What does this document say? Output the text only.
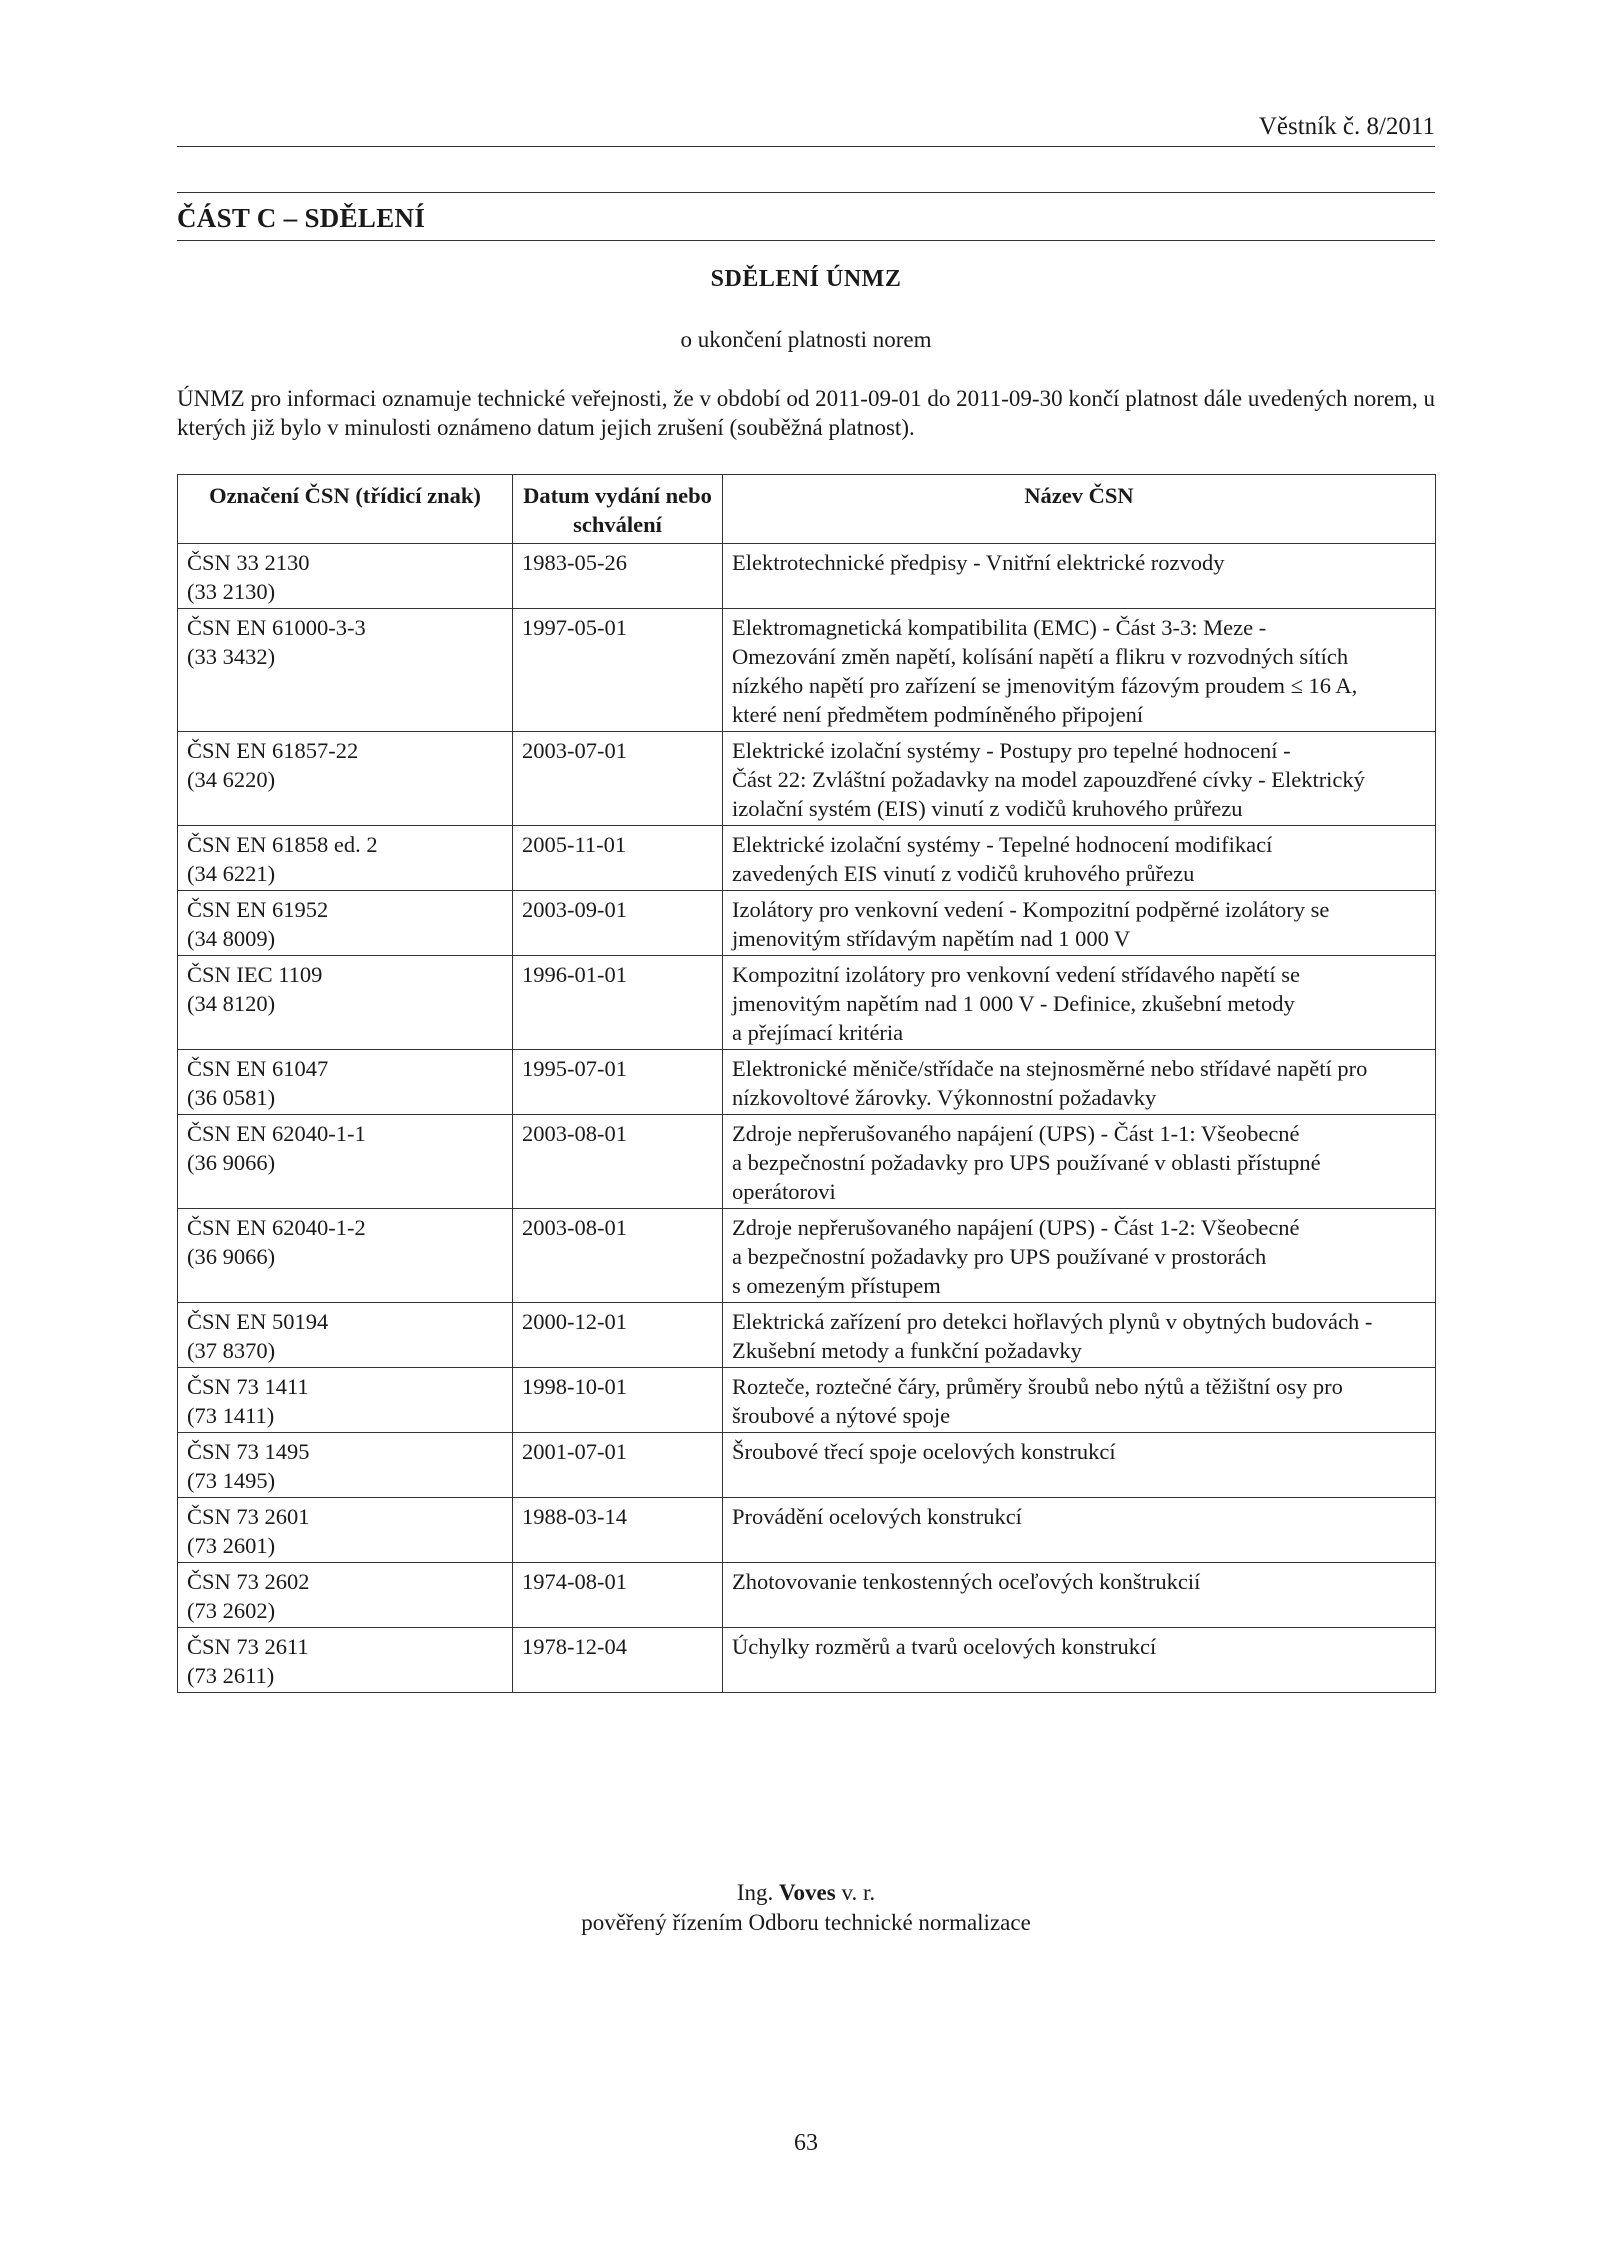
Věstník č. 8/2011
ČÁST C – SDĚLENÍ
SDĚLENÍ ÚNMZ
o ukončení platnosti norem
ÚNMZ pro informaci oznamuje technické veřejnosti, že v období od 2011-09-01 do 2011-09-30 končí platnost dále uvedených norem, u kterých již bylo v minulosti oznámeno datum jejich zrušení (souběžná platnost).
Označení ČSN (třídicí znak)	Datum vydání nebo schválení	Název ČSN

ČSN 33 2130
(33 2130)	1983-05-26	Elektrotechnické předpisy - Vnitřní elektrické rozvody

ČSN EN 61000-3-3
(33 3432)	1997-05-01	Elektromagnetická kompatibilita (EMC) - Část 3-3: Meze -
Omezování změn napětí, kolísání napětí a flikru v rozvodných sítích
nízkého napětí pro zařízení se jmenovitým fázovým proudem ≤ 16 A,
které není předmětem podmíněného připojení

ČSN EN 61857-22
(34 6220)	2003-07-01	Elektrické izolační systémy - Postupy pro tepelné hodnocení -
Část 22: Zvláštní požadavky na model zapouzdřené cívky - Elektrický
izolační systém (EIS) vinutí z vodičů kruhového průřezu

ČSN EN 61858 ed. 2
(34 6221)	2005-11-01	Elektrické izolační systémy - Tepelné hodnocení modifikací
zavedených EIS vinutí z vodičů kruhového průřezu

ČSN EN 61952
(34 8009)	2003-09-01	Izolátory pro venkovní vedení - Kompozitní podpěrné izolátory se
jmenovitým střídavým napětím nad 1 000 V

ČSN IEC 1109
(34 8120)	1996-01-01	Kompozitní izolátory pro venkovní vedení střídavého napětí se
jmenovitým napětím nad 1 000 V - Definice, zkušební metody
a přejímací kritéria

ČSN EN 61047
(36 0581)	1995-07-01	Elektronické měniče/střídače na stejnosměrné nebo střídavé napětí pro
nízkovoltové žárovky. Výkonnostní požadavky

ČSN EN 62040-1-1
(36 9066)	2003-08-01	Zdroje nepřerušovaného napájení (UPS) - Část 1-1: Všeobecné
a bezpečnostní požadavky pro UPS používané v oblasti přístupné
operátorovi

ČSN EN 62040-1-2
(36 9066)	2003-08-01	Zdroje nepřerušovaného napájení (UPS) - Část 1-2: Všeobecné
a bezpečnostní požadavky pro UPS používané v prostorách
s omezeným přístupem

ČSN EN 50194
(37 8370)	2000-12-01	Elektrická zařízení pro detekci hořlavých plynů v obytných budovách -
Zkušební metody a funkční požadavky

ČSN 73 1411
(73 1411)	1998-10-01	Rozteče, roztečné čáry, průměry šroubů nebo nýtů a těžištní osy pro
šroubové a nýtové spoje

ČSN 73 1495
(73 1495)	2001-07-01	Šroubové třecí spoje ocelových konstrukcí

ČSN 73 2601
(73 2601)	1988-03-14	Provádění ocelových konstrukcí

ČSN 73 2602
(73 2602)	1974-08-01	Zhotovovanie tenkostenných oceľových konštrukcií

ČSN 73 2611
(73 2611)	1978-12-04	Úchylky rozměrů a tvarů ocelových konstrukcí
Ing. Voves v. r.
pověřený řízením Odboru technické normalizace
63
